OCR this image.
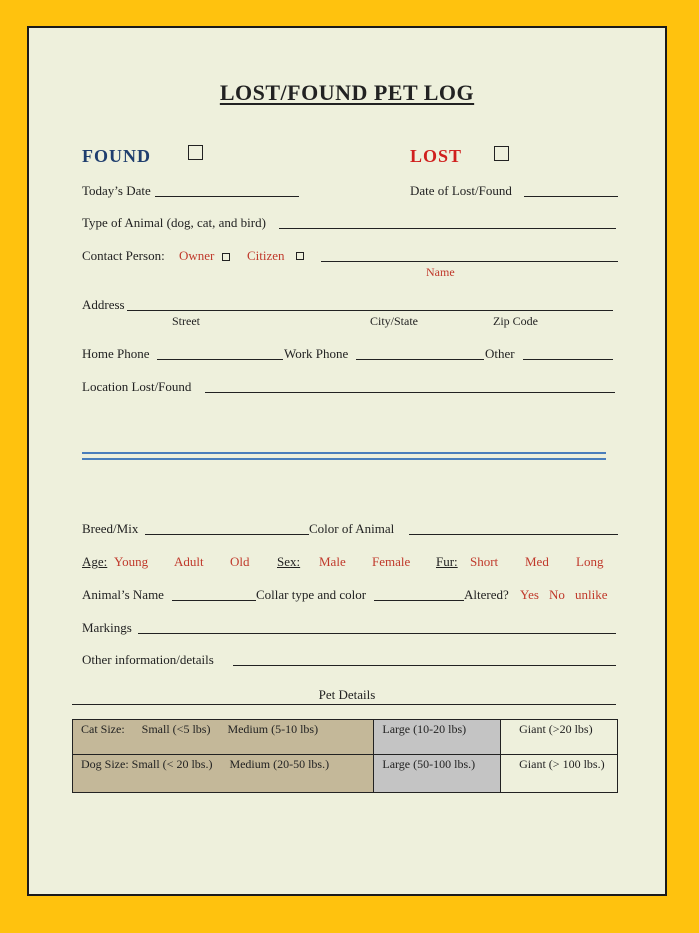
LOST/FOUND PET LOG
FOUND	LOST
Today’s Date	Date of Lost/Found
Type of Animal (dog, cat, and bird)
Contact Person: Owner	Citizen
Name
Address
Street	City/State	Zip Code
Home Phone	Work Phone	Other
Location Lost/Found
Breed/Mix	Color of Animal
Age: Young Adult Old Sex: Male Female Fur: Short Med Long
Animal’s Name	Collar type and color	Altered? Yes No unlike
Markings
Other information/details
Pet Details
Cat Size: Small (<5 lbs) Medium (5-10 lbs)	Large (10-20 lbs)	Giant (>20 lbs)
Dog Size: Small (< 20 lbs.) Medium (20-50 lbs.)	Large (50-100 lbs.)	Giant (> 100 lbs.)
